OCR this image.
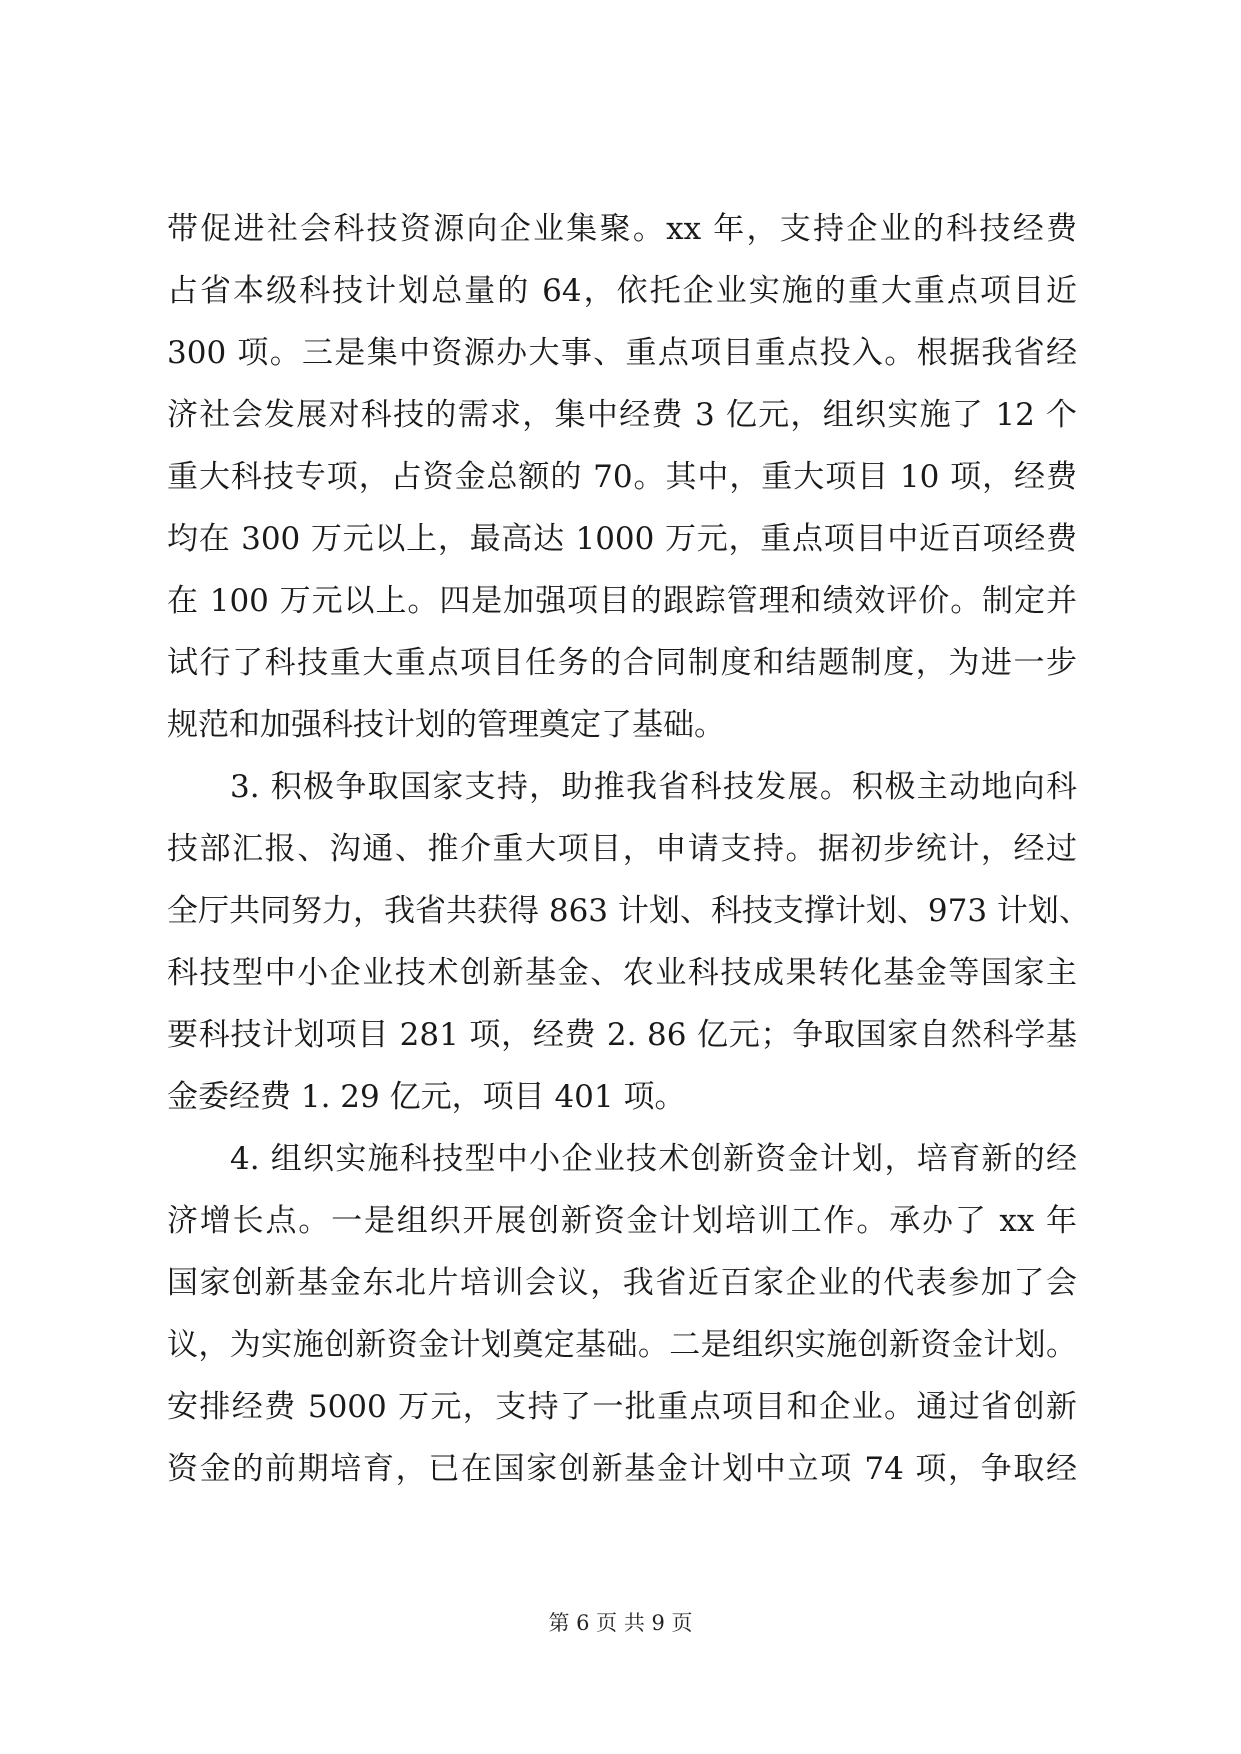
带促进社会科技资源向企业集聚。xx 年，支持企业的科技经费
占省本级科技计划总量的 64，依托企业实施的重大重点项目近
300 项。三是集中资源办大事、重点项目重点投入。根据我省经
济社会发展对科技的需求，集中经费 3 亿元，组织实施了 12 个
重大科技专项，占资金总额的 70。其中，重大项目 10 项，经费
均在 300 万元以上，最高达 1000 万元，重点项目中近百项经费
在 100 万元以上。四是加强项目的跟踪管理和绩效评价。制定并
试行了科技重大重点项目任务的合同制度和结题制度，为进一步
规范和加强科技计划的管理奠定了基础。
3. 积极争取国家支持，助推我省科技发展。积极主动地向科
技部汇报、沟通、推介重大项目，申请支持。据初步统计，经过
全厅共同努力，我省共获得 863 计划、科技支撑计划、973 计划、
科技型中小企业技术创新基金、农业科技成果转化基金等国家主
要科技计划项目 281 项，经费 2. 86 亿元；争取国家自然科学基
金委经费 1. 29 亿元，项目 401 项。
4. 组织实施科技型中小企业技术创新资金计划，培育新的经
济增长点。一是组织开展创新资金计划培训工作。承办了 xx 年
国家创新基金东北片培训会议，我省近百家企业的代表参加了会
议，为实施创新资金计划奠定基础。二是组织实施创新资金计划。
安排经费 5000 万元，支持了一批重点项目和企业。通过省创新
资金的前期培育，已在国家创新基金计划中立项 74 项，争取经
第 6 页 共 9 页
